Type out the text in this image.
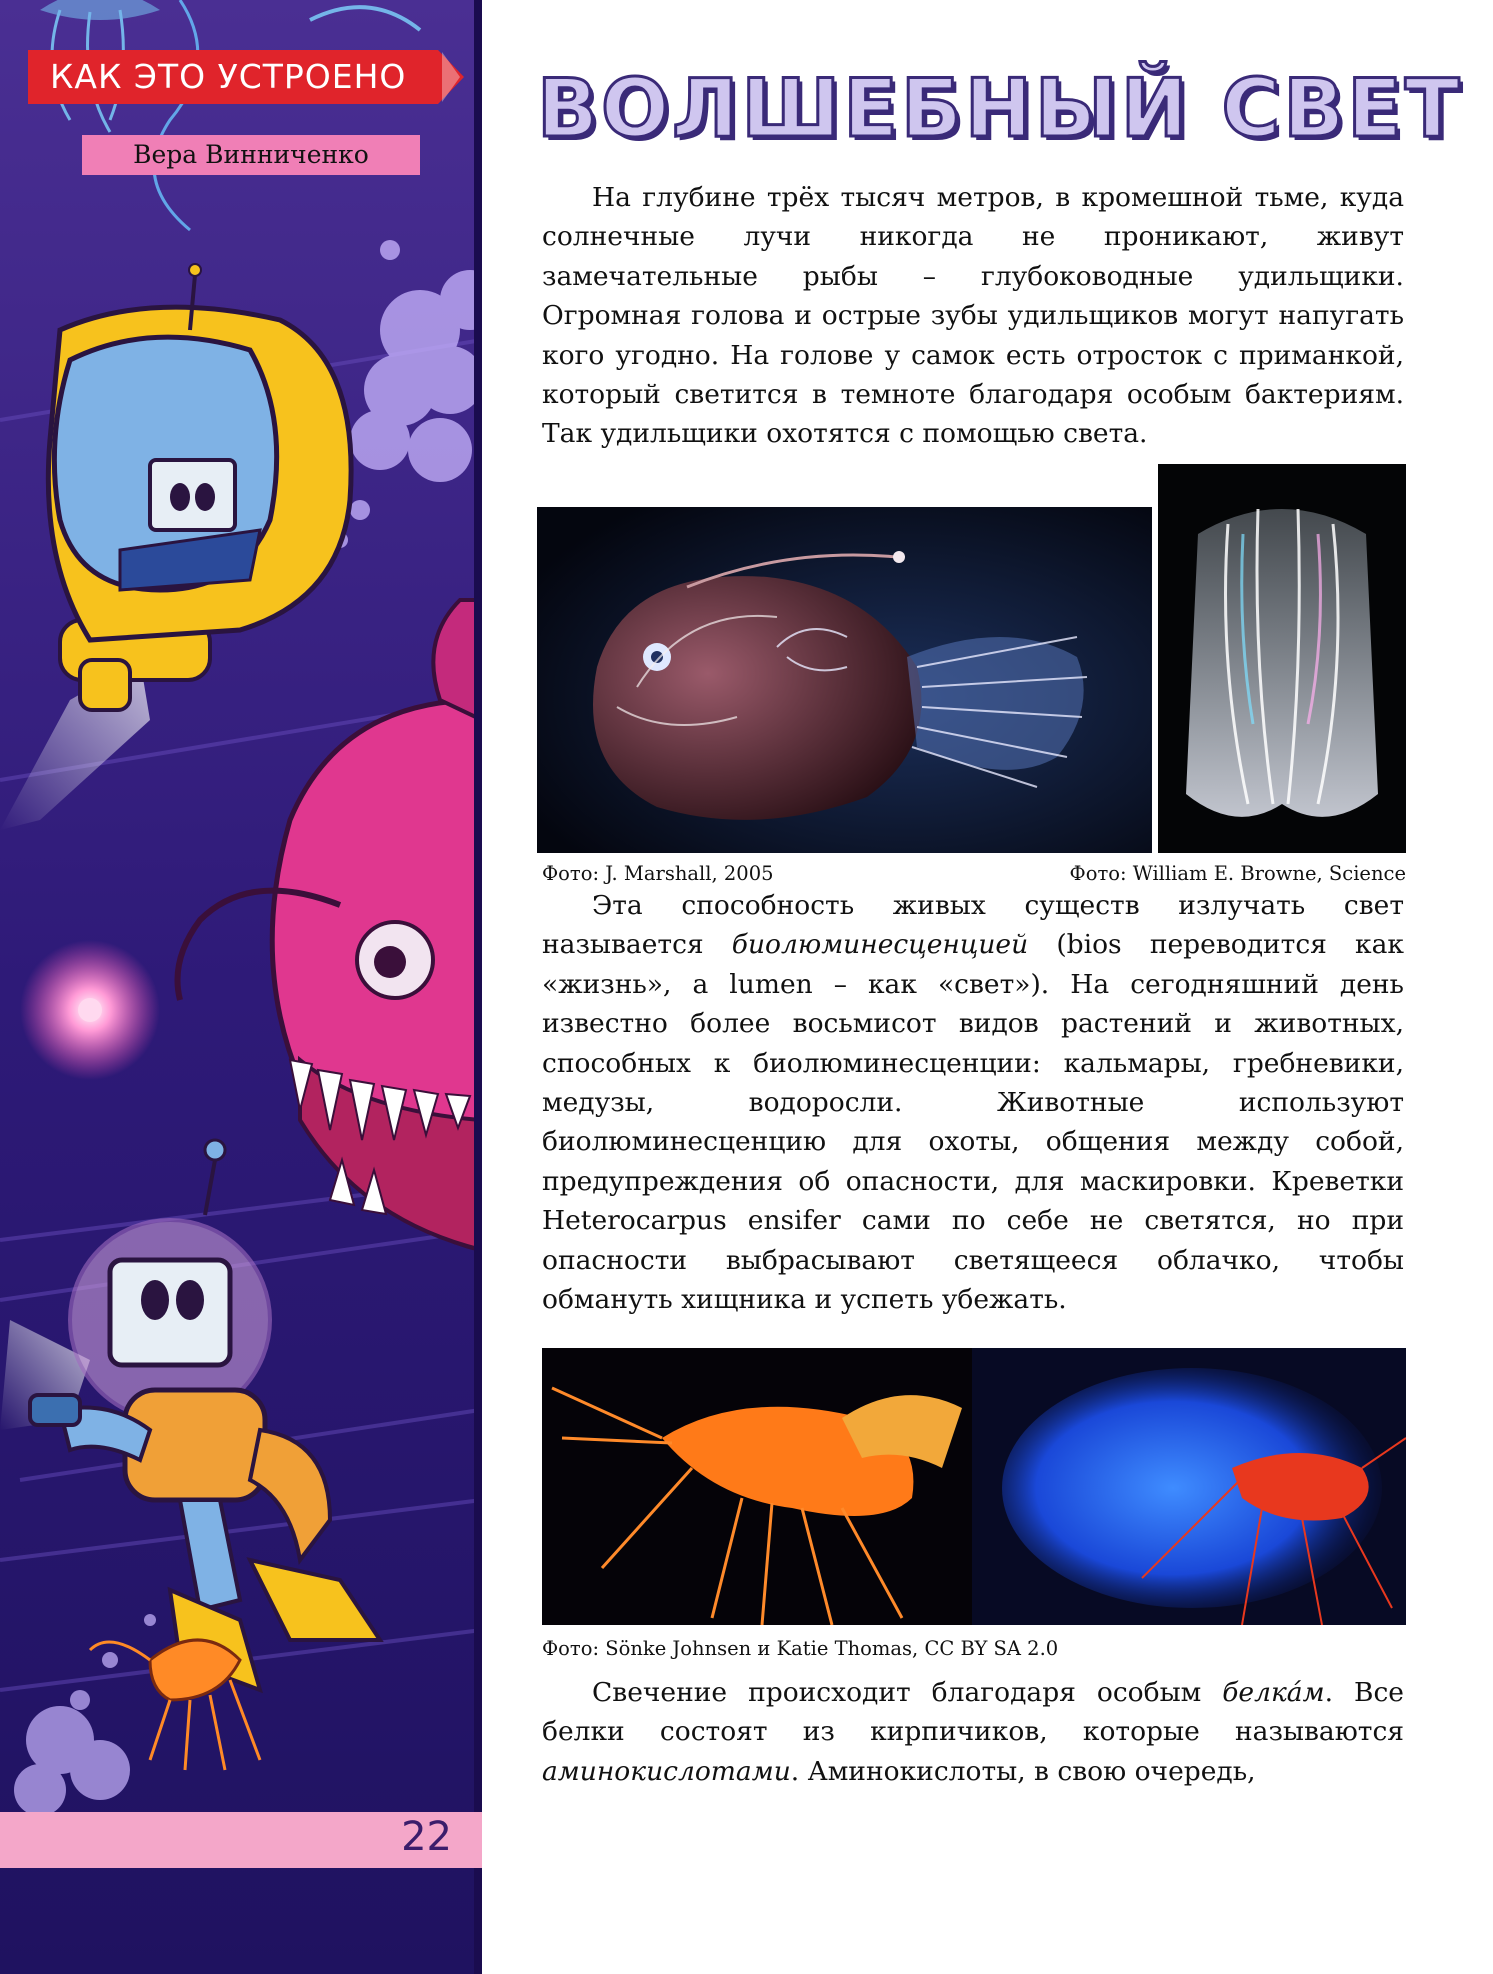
КАК ЭТО УСТРОЕНО
Вера Винниченко
22
ВОЛШЕБНЫЙ СВЕТ

На глубине трёх тысяч метров, в кромешной тьме, куда солнечные лучи никогда не проникают, живут замечательные рыбы – глубоководные удильщики. Огромная голова и острые зубы удильщиков могут напугать кого угодно. На голове у самок есть отросток с приманкой, который светится в темноте благодаря особым бактериям. Так удильщики охотятся с помощью света.

Фото: J. Marshall, 2005	Фото: William E. Browne, Science

Эта способность живых существ излучать свет называется биолюминесценцией (bios переводится как «жизнь», а lumen – как «свет»). На сегодняшний день известно более восьмисот видов растений и животных, способных к биолюминесценции: кальмары, гребневики, медузы, водоросли. Животные используют биолюминесценцию для охоты, общения между собой, предупреждения об опасности, для маскировки. Креветки Heterocarpus ensifer сами по себе не светятся, но при опасности выбрасывают светящееся облачко, чтобы обмануть хищника и успеть убежать.

Фото: Sönke Johnsen и Katie Thomas, CC BY SA 2.0

Свечение происходит благодаря особым белкáм. Все белки состоят из кирпичиков, которые называются аминокислотами. Аминокислоты, в свою очередь,
